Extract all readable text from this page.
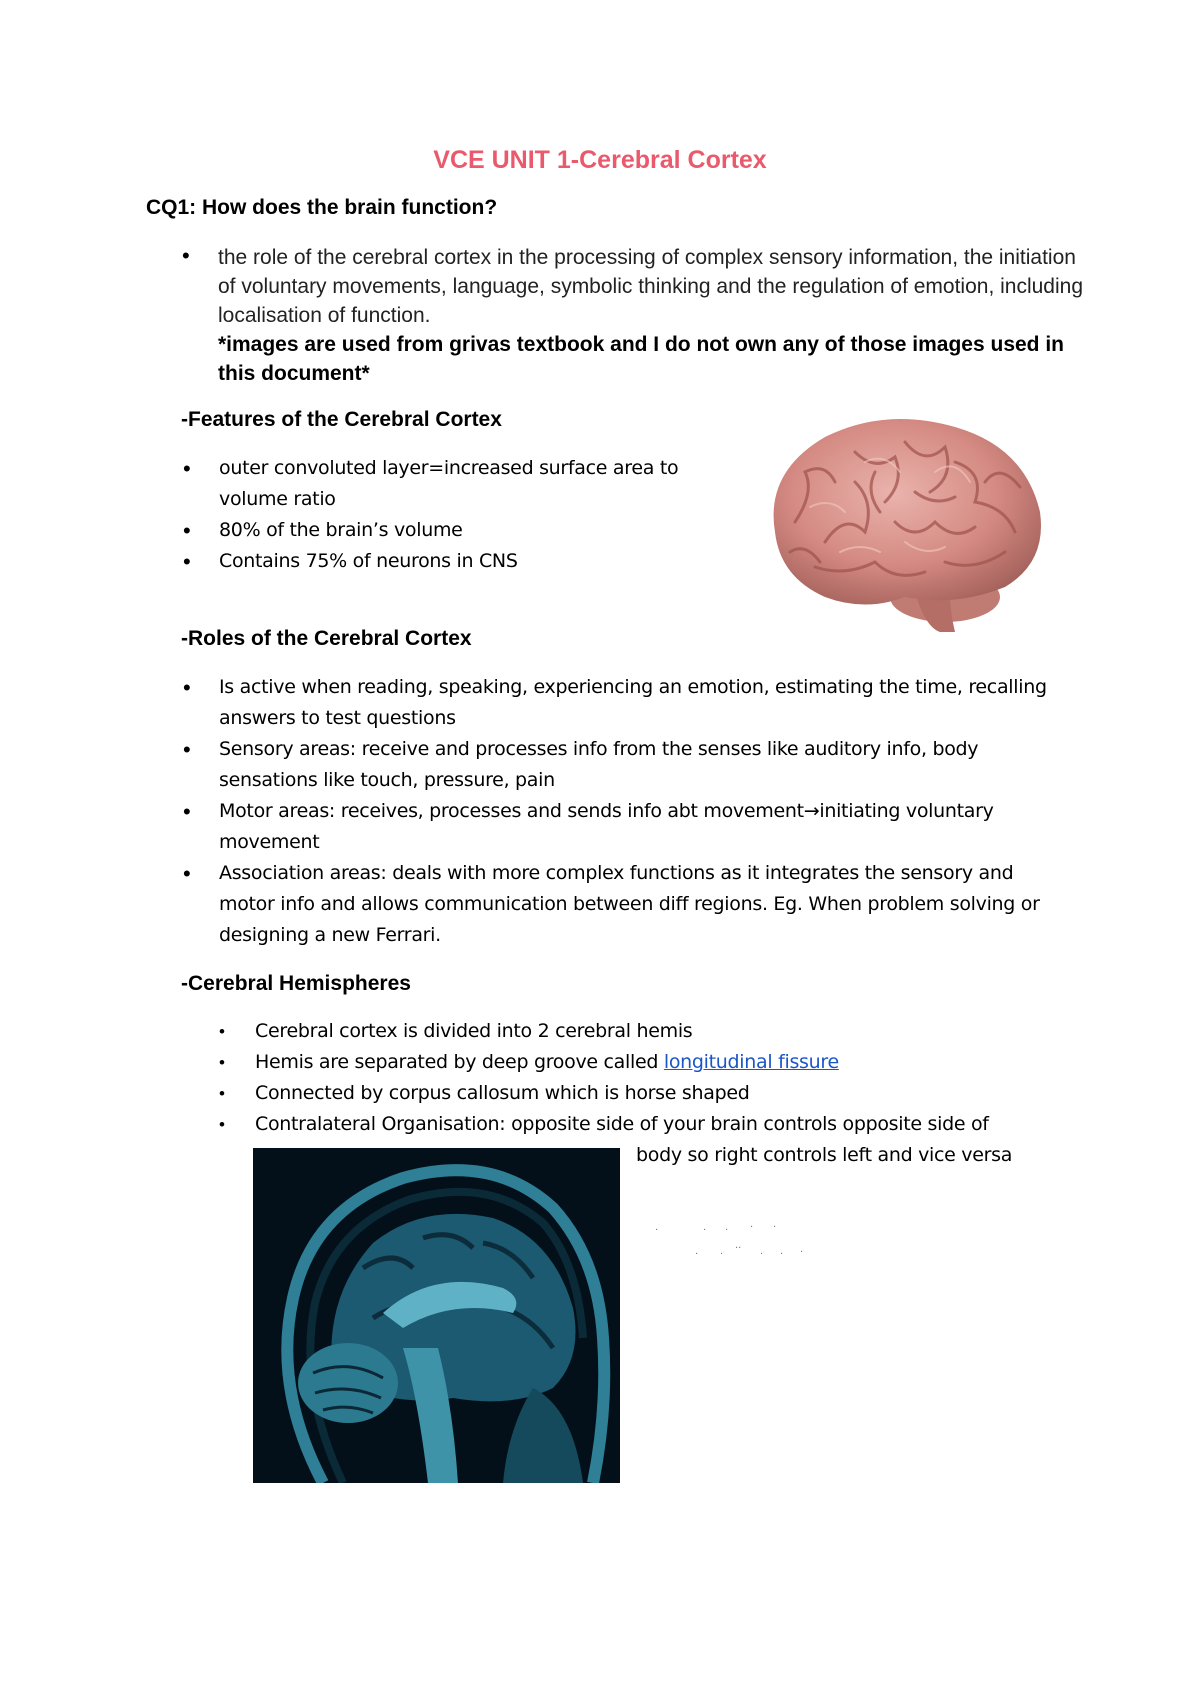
VCE UNIT 1-Cerebral Cortex
CQ1: How does the brain function?
• the role of the cerebral cortex in the processing of complex sensory information, the initiation of voluntary movements, language, symbolic thinking and the regulation of emotion, including localisation of function.
*images are used from grivas textbook and I do not own any of those images used in this document*
-Features of the Cerebral Cortex
• outer convoluted layer=increased surface area to volume ratio
• 80% of the brain’s volume
• Contains 75% of neurons in CNS
-Roles of the Cerebral Cortex
• Is active when reading, speaking, experiencing an emotion, estimating the time, recalling answers to test questions
• Sensory areas: receive and processes info from the senses like auditory info, body sensations like touch, pressure, pain
• Motor areas: receives, processes and sends info abt movement→initiating voluntary movement
• Association areas: deals with more complex functions as it integrates the sensory and motor info and allows communication between diff regions. Eg. When problem solving or designing a new Ferrari.
-Cerebral Hemispheres
• Cerebral cortex is divided into 2 cerebral hemis
• Hemis are separated by deep groove called longitudinal fissure
• Connected by corpus callosum which is horse shaped
• Contralateral Organisation: opposite side of your brain controls opposite side of
body so right controls left and vice versa
.	. . . .
. .
..
. . .
